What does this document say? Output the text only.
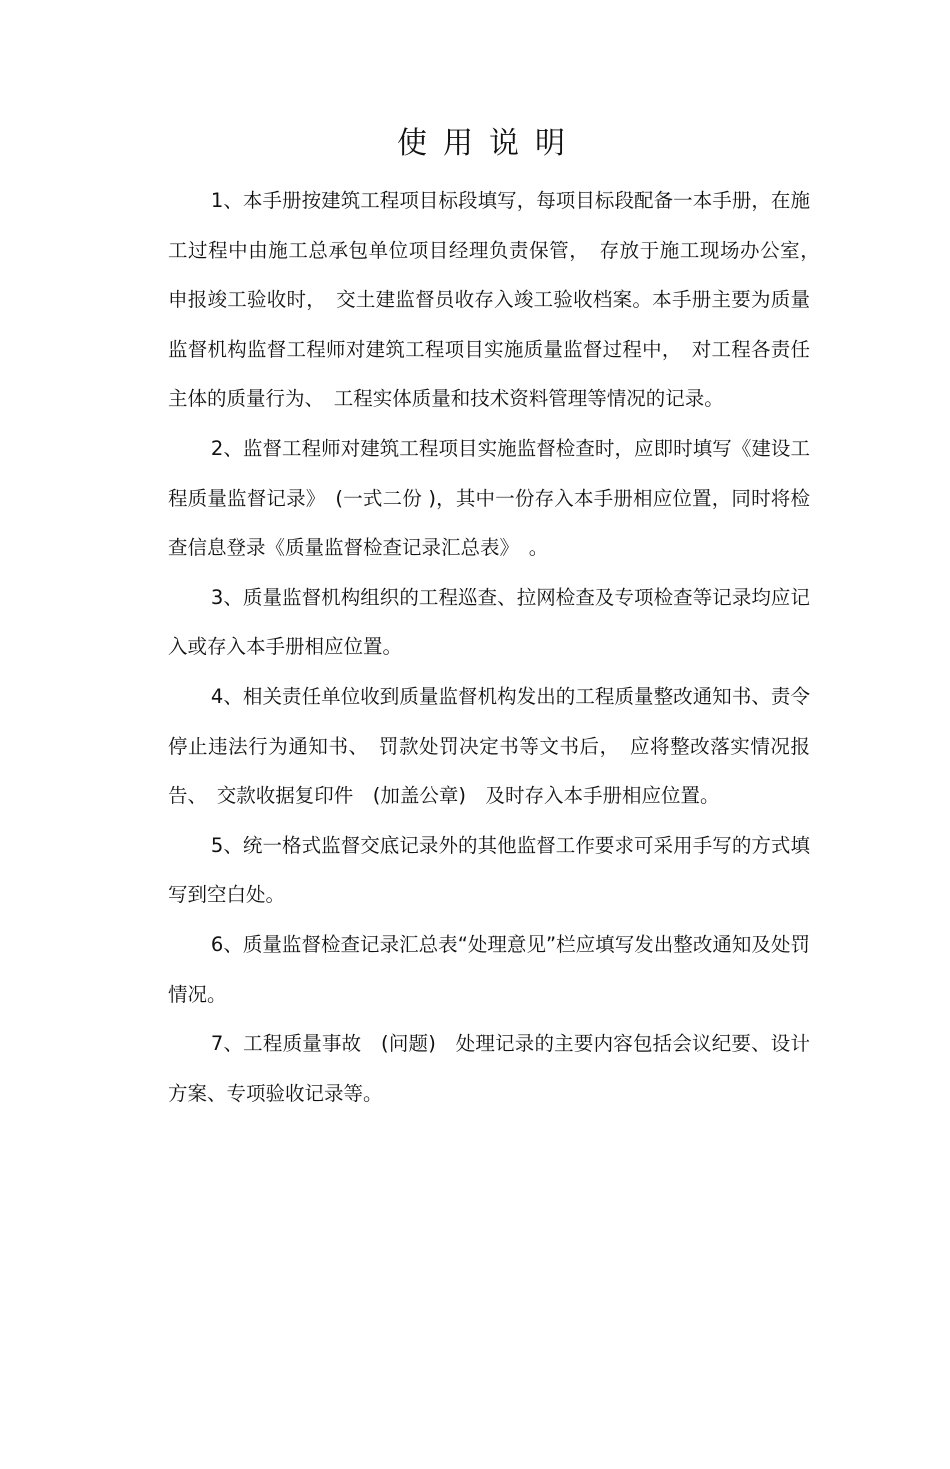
使用说明

1、本手册按建筑工程项目标段填写，每项目标段配备一本手册，在施工过程中由施工总承包单位项目经理负责保管，　存放于施工现场办公室，　申报竣工验收时，　交土建监督员收存入竣工验收档案。本手册主要为质量监督机构监督工程师对建筑工程项目实施质量监督过程中，　对工程各责任主体的质量行为、　工程实体质量和技术资料管理等情况的记录。

2、监督工程师对建筑工程项目实施监督检查时，应即时填写《建设工程质量监督记录》　(一式二份 )，其中一份存入本手册相应位置，同时将检查信息登录《质量监督检查记录汇总表》　。

3、质量监督机构组织的工程巡查、拉网检查及专项检查等记录均应记入或存入本手册相应位置。

4、相关责任单位收到质量监督机构发出的工程质量整改通知书、责令停止违法行为通知书、　罚款处罚决定书等文书后，　应将整改落实情况报告、　交款收据复印件　(加盖公章)　及时存入本手册相应位置。

5、统一格式监督交底记录外的其他监督工作要求可采用手写的方式填写到空白处。

6、质量监督检查记录汇总表“处理意见”栏应填写发出整改通知及处罚情况。

7、工程质量事故　(问题)　处理记录的主要内容包括会议纪要、设计方案、专项验收记录等。
